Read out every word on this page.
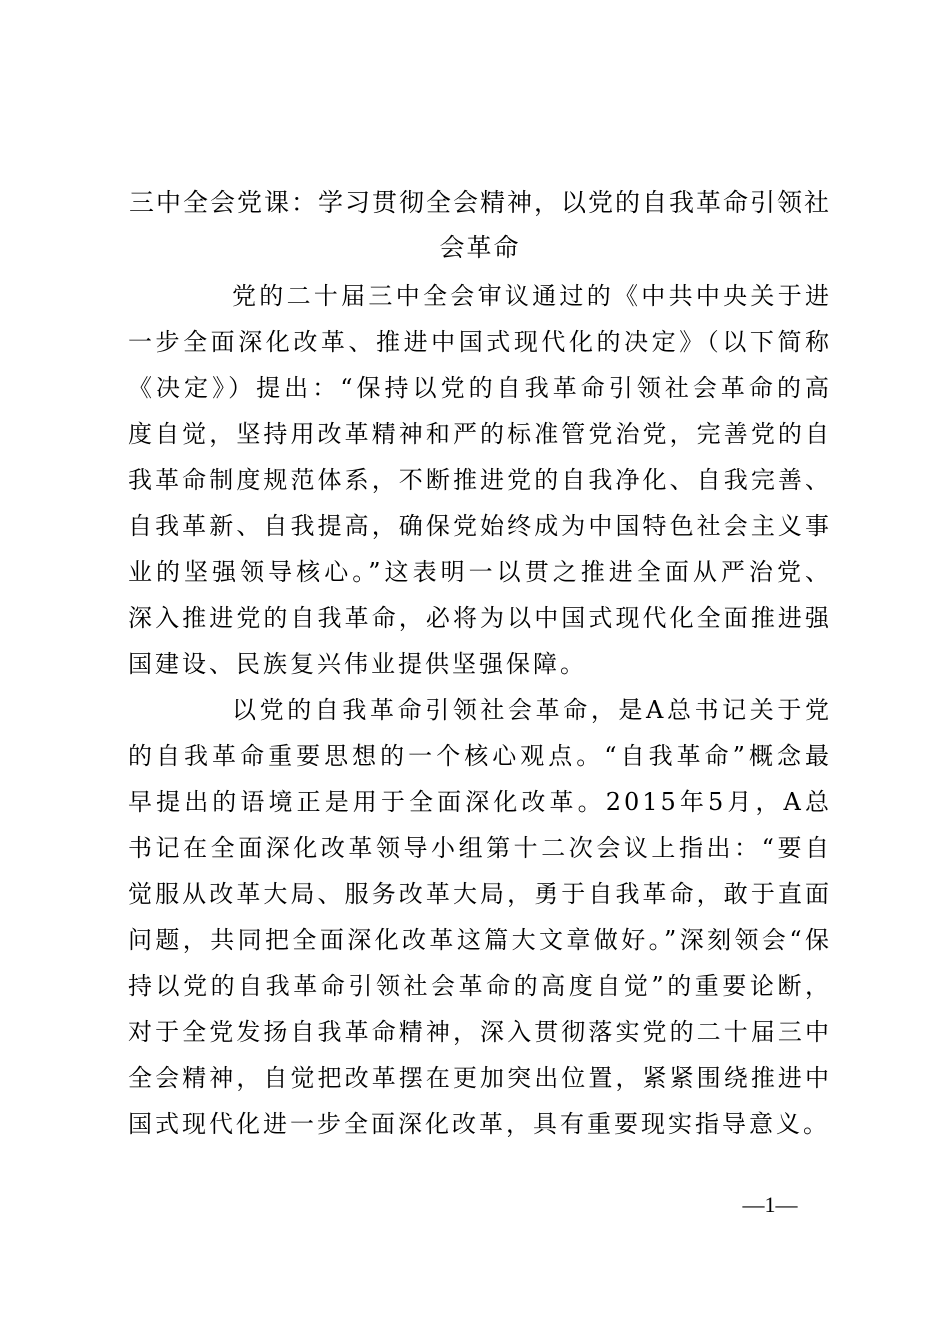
三中全会党课：学习贯彻全会精神，以党的自我革命引领社会革命

党的二十届三中全会审议通过的《中共中央关于进一步全面深化改革、推进中国式现代化的决定》（以下简称《决定》）提出：“保持以党的自我革命引领社会革命的高度自觉，坚持用改革精神和严的标准管党治党，完善党的自我革命制度规范体系，不断推进党的自我净化、自我完善、自我革新、自我提高，确保党始终成为中国特色社会主义事业的坚强领导核心。”这表明一以贯之推进全面从严治党、深入推进党的自我革命，必将为以中国式现代化全面推进强国建设、民族复兴伟业提供坚强保障。

以党的自我革命引领社会革命，是A总书记关于党的自我革命重要思想的一个核心观点。“自我革命”概念最早提出的语境正是用于全面深化改革。2015年5月，A总书记在全面深化改革领导小组第十二次会议上指出：“要自觉服从改革大局、服务改革大局，勇于自我革命，敢于直面问题，共同把全面深化改革这篇大文章做好。”深刻领会“保持以党的自我革命引领社会革命的高度自觉”的重要论断，对于全党发扬自我革命精神，深入贯彻落实党的二十届三中全会精神，自觉把改革摆在更加突出位置，紧紧围绕推进中国式现代化进一步全面深化改革，具有重要现实指导意义。

—1—
